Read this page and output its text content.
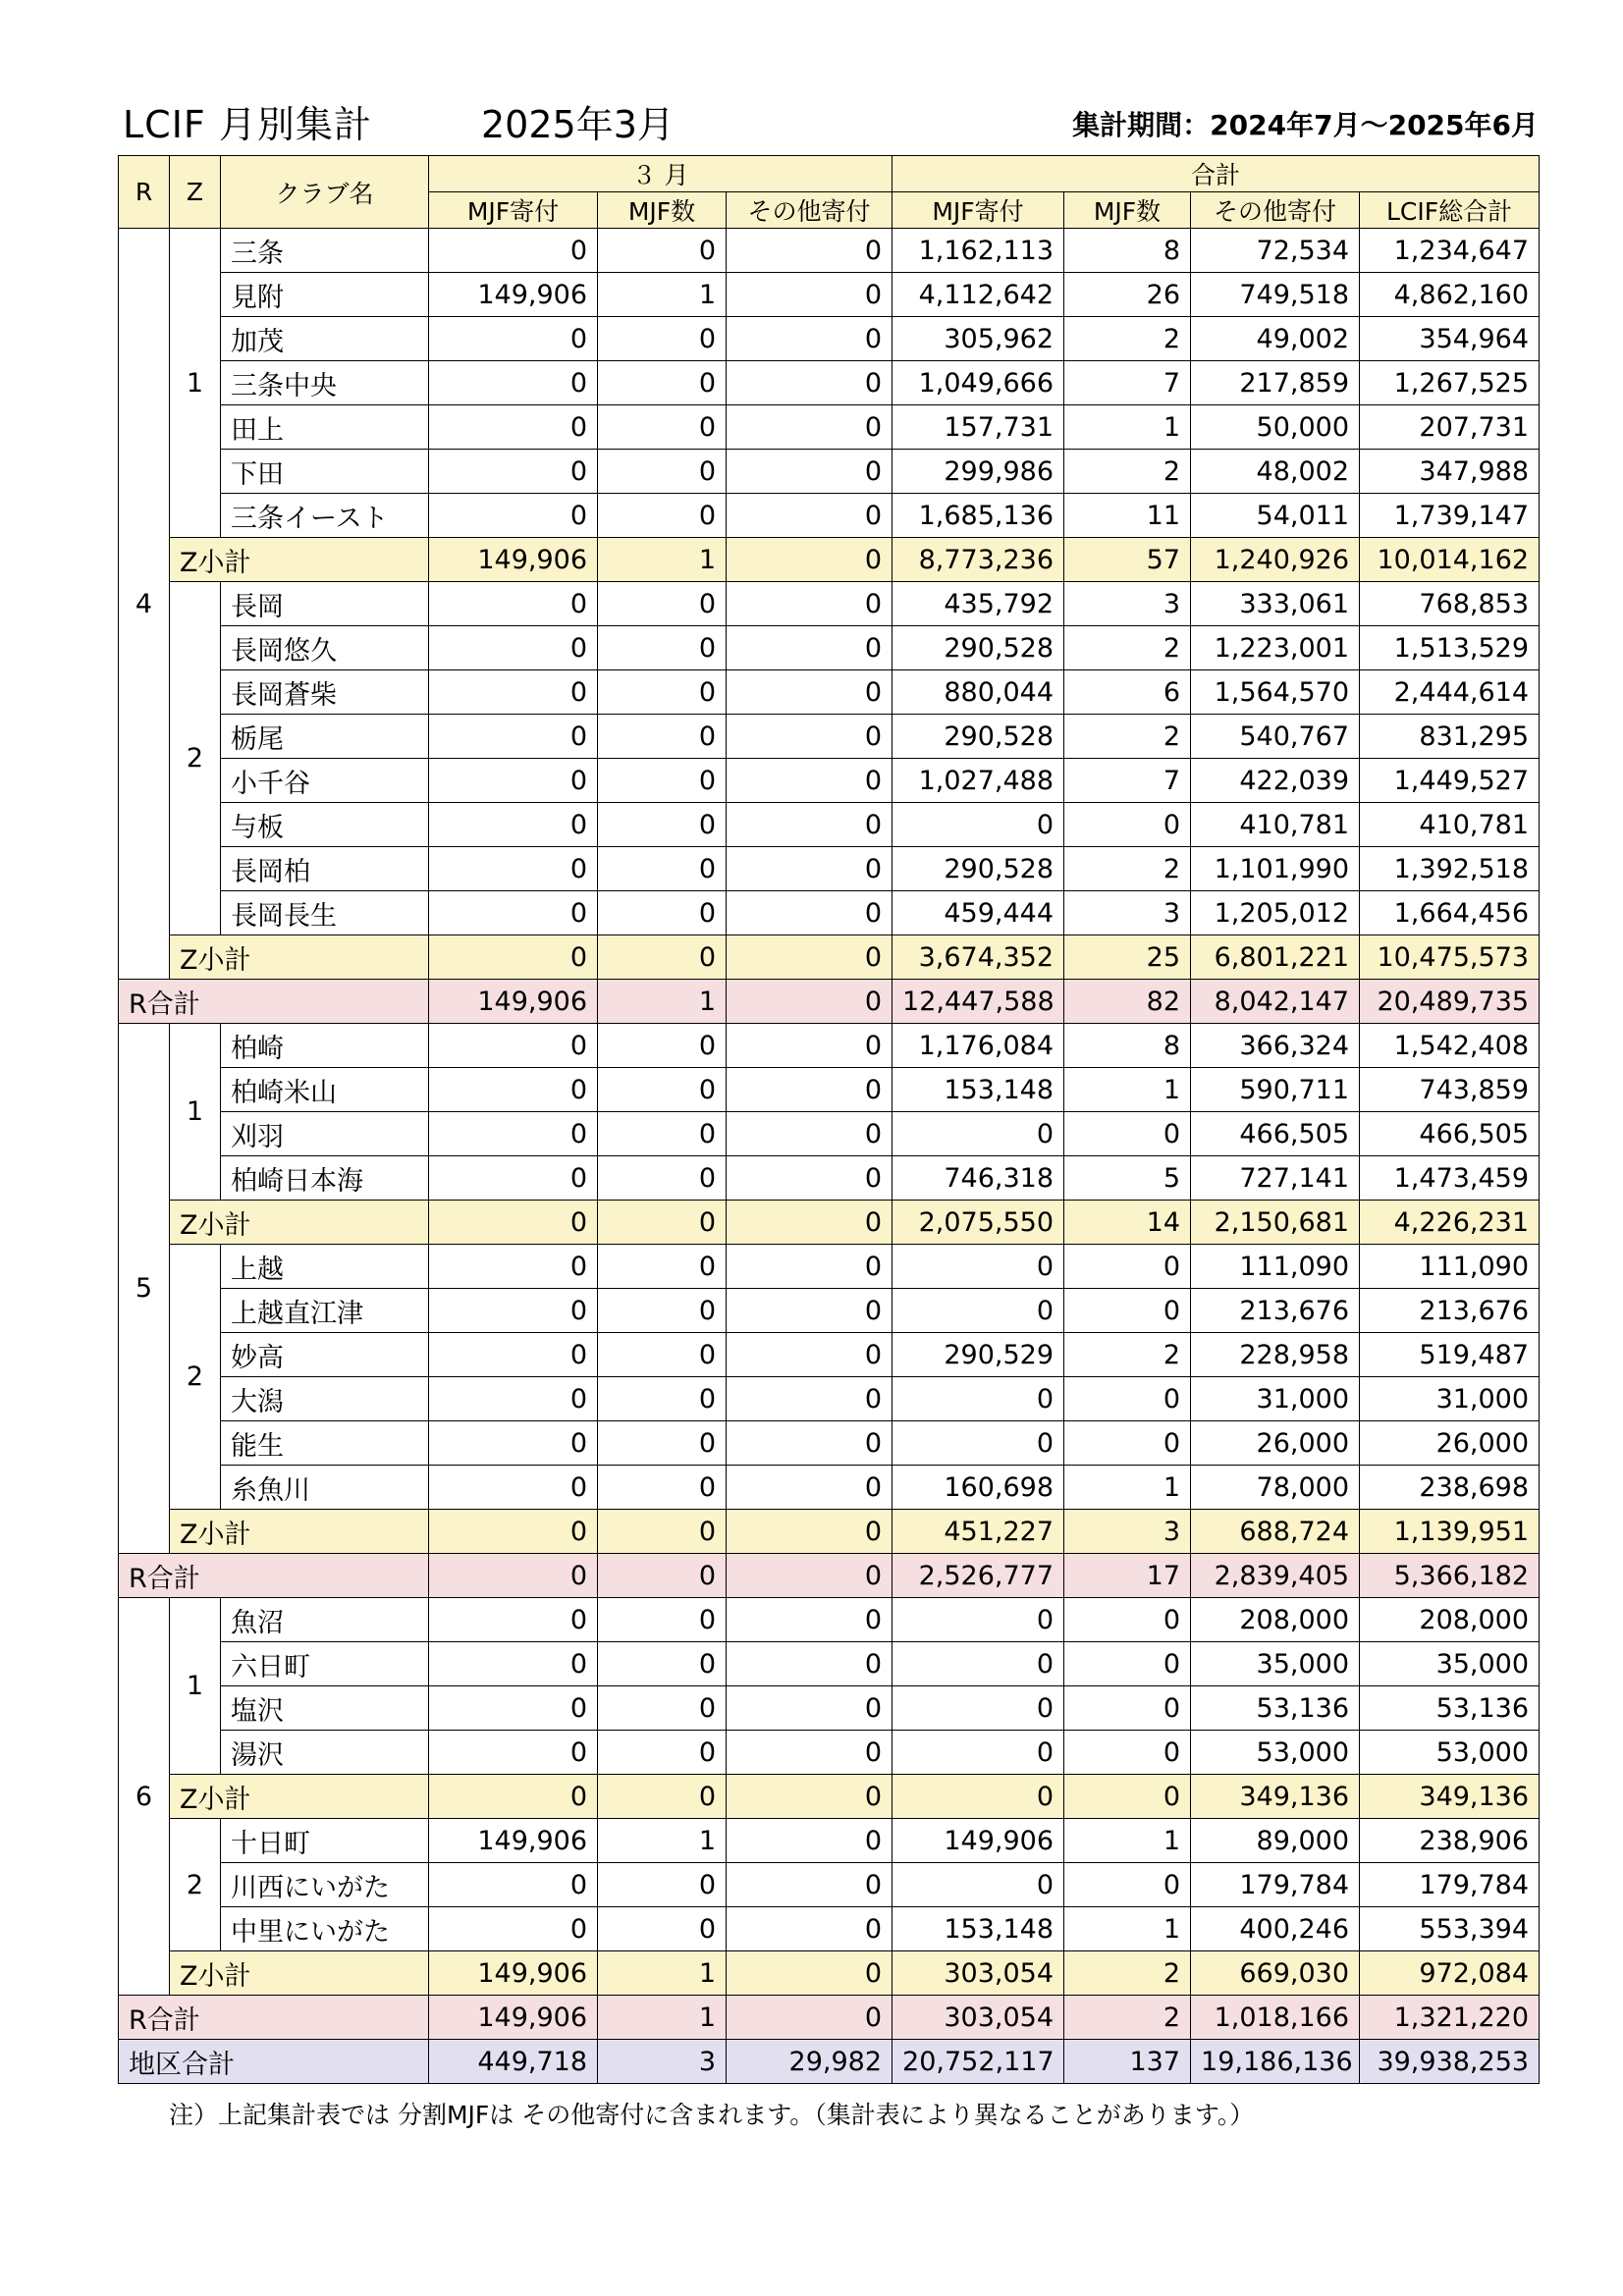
LCIF 月別集計	2025年3月	集計期間：2024年7月～2025年6月
R	Z	クラブ名	３ 月			合計			
			MJF寄付	MJF数	その他寄付	MJF寄付	MJF数	その他寄付	LCIF総合計
4	1	三条	0	0	0	1,162,113	8	72,534	1,234,647
		見附	149,906	1	0	4,112,642	26	749,518	4,862,160
		加茂	0	0	0	305,962	2	49,002	354,964
		三条中央	0	0	0	1,049,666	7	217,859	1,267,525
		田上	0	0	0	157,731	1	50,000	207,731
		下田	0	0	0	299,986	2	48,002	347,988
		三条イースト	0	0	0	1,685,136	11	54,011	1,739,147
	Z小計		149,906	1	0	8,773,236	57	1,240,926	10,014,162
	2	長岡	0	0	0	435,792	3	333,061	768,853
		長岡悠久	0	0	0	290,528	2	1,223,001	1,513,529
		長岡蒼柴	0	0	0	880,044	6	1,564,570	2,444,614
		栃尾	0	0	0	290,528	2	540,767	831,295
		小千谷	0	0	0	1,027,488	7	422,039	1,449,527
		与板	0	0	0	0	0	410,781	410,781
		長岡柏	0	0	0	290,528	2	1,101,990	1,392,518
		長岡長生	0	0	0	459,444	3	1,205,012	1,664,456
	Z小計		0	0	0	3,674,352	25	6,801,221	10,475,573
R合計			149,906	1	0	12,447,588	82	8,042,147	20,489,735
5	1	柏崎	0	0	0	1,176,084	8	366,324	1,542,408
		柏崎米山	0	0	0	153,148	1	590,711	743,859
		刈羽	0	0	0	0	0	466,505	466,505
		柏崎日本海	0	0	0	746,318	5	727,141	1,473,459
	Z小計		0	0	0	2,075,550	14	2,150,681	4,226,231
	2	上越	0	0	0	0	0	111,090	111,090
		上越直江津	0	0	0	0	0	213,676	213,676
		妙高	0	0	0	290,529	2	228,958	519,487
		大潟	0	0	0	0	0	31,000	31,000
		能生	0	0	0	0	0	26,000	26,000
		糸魚川	0	0	0	160,698	1	78,000	238,698
	Z小計		0	0	0	451,227	3	688,724	1,139,951
R合計			0	0	0	2,526,777	17	2,839,405	5,366,182
6	1	魚沼	0	0	0	0	0	208,000	208,000
		六日町	0	0	0	0	0	35,000	35,000
		塩沢	0	0	0	0	0	53,136	53,136
		湯沢	0	0	0	0	0	53,000	53,000
	Z小計		0	0	0	0	0	349,136	349,136
	2	十日町	149,906	1	0	149,906	1	89,000	238,906
		川西にいがた	0	0	0	0	0	179,784	179,784
		中里にいがた	0	0	0	153,148	1	400,246	553,394
	Z小計		149,906	1	0	303,054	2	669,030	972,084
R合計			149,906	1	0	303,054	2	1,018,166	1,321,220
地区合計			449,718	3	29,982	20,752,117	137	19,186,136	39,938,253
注）上記集計表では 分割MJFは その他寄付に含まれます。（集計表により異なることがあります。）
